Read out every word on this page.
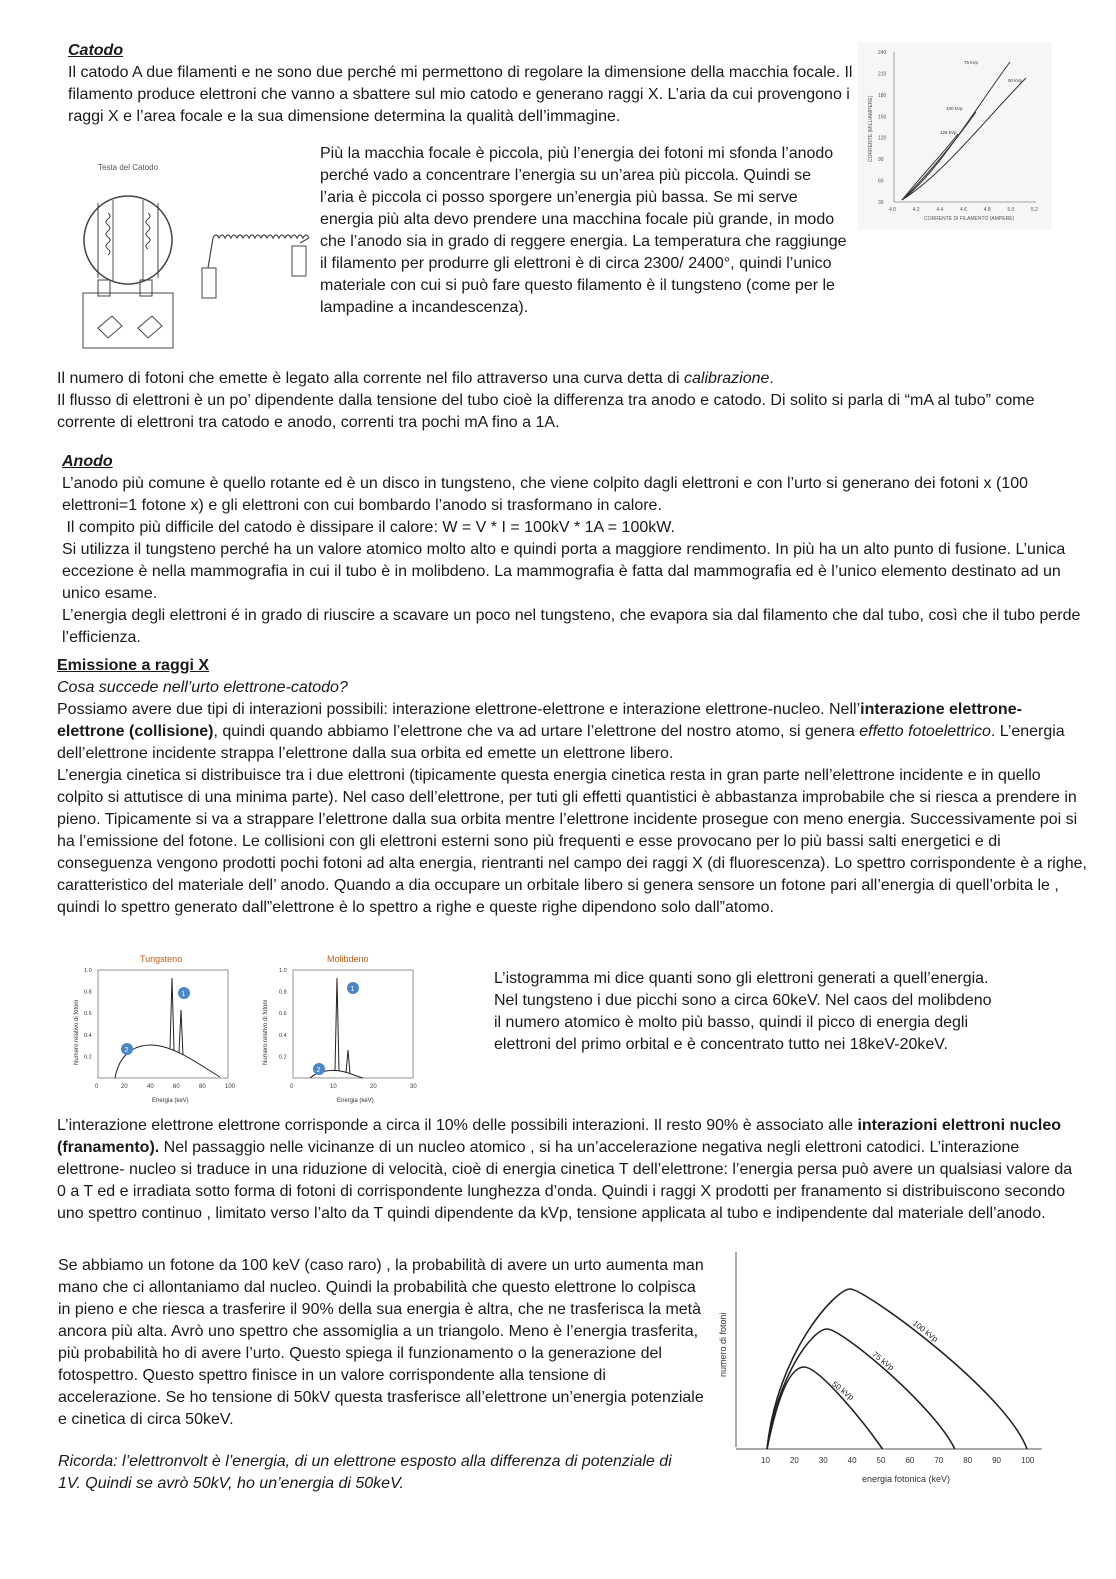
Catodo
Il catodo A due filamenti e ne sono due perché mi permettono di regolare la dimensione della macchia focale. Il filamento produce elettroni che vanno a sbattere sul mio catodo e generano raggi X. L’aria da cui provengono i raggi X e l’area focale e la sua dimensione determina la qualità dell’immagine.
Testa del Catodo
Più la macchia focale è piccola, più l’energia dei fotoni mi sfonda l’anodo perché vado a concentrare l’energia su un’area più piccola. Quindi se l’aria è piccola ci posso sporgere un’energia più bassa. Se mi serve energia più alta devo prendere una macchina focale più grande, in modo che l’anodo sia in grado di reggere energia. La temperatura che raggiunge il filamento per produrre gli elettroni è di circa 2300/ 2400°, quindi l’unico materiale con cui si può fare questo filamento è il tungsteno (come per le lampadine a incandescenza).
4.0	4.2	4.4	4.6	4.8	5.0	5.2
30
60
90
120
150
180
210
240
75 kVp
50 kVp
100 kVp
125 kVp
CORRENTE (MILLIAMPERE)
CORRENTE DI FILAMENTO (AMPERE)

Il numero di fotoni che emette è legato alla corrente nel filo attraverso una curva detta di calibrazione.

Il flusso di elettroni è un po’ dipendente dalla tensione del tubo cioè la differenza tra anodo e catodo. Di solito si parla di “mA al tubo” come corrente di elettroni tra catodo e anodo, correnti tra pochi mA fino a 1A.

Anodo
L’anodo più comune è quello rotante ed è un disco in tungsteno, che viene colpito dagli elettroni e con l’urto si generano dei fotoni x (100 elettroni=1 fotone x) e gli elettroni con cui bombardo l’anodo si trasformano in calore.
Il compito più difficile del catodo è dissipare il calore: W = V * I = 100kV * 1A = 100kW.
Si utilizza il tungsteno perché ha un valore atomico molto alto e quindi porta a maggiore rendimento. In più ha un alto punto di fusione. L’unica eccezione è nella mammografia in cui il tubo è in molibdeno. La mammografia è fatta dal mammografia ed è l’unico elemento destinato ad un unico esame.
L’energia degli elettroni é in grado di riuscire a scavare un poco nel tungsteno, che evapora sia dal filamento che dal tubo, così che il tubo perde l’efficienza.
Emissione a raggi X
Cosa succede nell’urto elettrone-catodo?
Possiamo avere due tipi di interazioni possibili: interazione elettrone-elettrone e interazione elettrone-nucleo. Nell’interazione elettrone-elettrone (collisione), quindi quando abbiamo l’elettrone che va ad urtare l’elettrone del nostro atomo, si genera effetto fotoelettrico. L’energia dell’elettrone incidente strappa l’elettrone dalla sua orbita ed emette un elettrone libero.
L’energia cinetica si distribuisce tra i due elettroni (tipicamente questa energia cinetica resta in gran parte nell’elettrone incidente e in quello colpito si attutisce di una minima parte). Nel caso dell’elettrone, per tuti gli effetti quantistici è abbastanza improbabile che si riesca a prendere in pieno. Tipicamente si va a strappare l’elettrone dalla sua orbita mentre l’elettrone incidente prosegue con meno energia. Successivamente poi si ha l’emissione del fotone. Le collisioni con gli elettroni esterni sono più frequenti e esse provocano per lo più bassi salti energetici e di conseguenza vengono prodotti pochi fotoni ad alta energia, rientranti nel campo dei raggi X (di fluorescenza). Lo spettro corrispondente è a righe, caratteristico del materiale dell’ anodo. Quando a dia occupare un orbitale libero si genera sensore un fotone pari all’energia di quell’orbita le , quindi lo spettro generato dall”elettrone è lo spettro a righe e queste righe dipendono solo dall”atomo.
Tungsteno
0	20	40	60	80	100
0.2
0.4
0.6
0.8
1.0
1
2
Numero relativo di fotoni
Energia (keV)
Molibdeno
0	10	20	30
0.2
0.4
0.6
0.8
1.0
1
2
Numero relativo di fotoni
Energia (keV)
L’istogramma mi dice quanti sono gli elettroni generati a quell’energia. Nel tungsteno i due picchi sono a circa 60keV. Nel caos del molibdeno il numero atomico è molto più basso, quindi il picco di energia degli elettroni del primo orbital e è concentrato tutto nei 18keV-20keV.
L’interazione elettrone elettrone corrisponde a circa il 10% delle possibili interazioni. Il resto 90% è associato alle interazioni elettroni nucleo (franamento). Nel passaggio nelle vicinanze di un nucleo atomico , si ha un’accelerazione negativa negli elettroni catodici. L’interazione elettrone- nucleo si traduce in una riduzione di velocità, cioè di energia cinetica T dell’elettrone: l’energia persa può avere un qualsiasi valore da 0 a T ed e irradiata sotto forma di fotoni di corrispondente lunghezza d’onda. Quindi i raggi X prodotti per franamento si distribuiscono secondo uno spettro continuo , limitato verso l’alto da T quindi dipendente da kVp, tensione applicata al tubo e indipendente dal materiale dell’anodo.
Se abbiamo un fotone da 100 keV (caso raro) , la probabilità di avere un urto aumenta man mano che ci allontaniamo dal nucleo. Quindi la probabilità che questo elettrone lo colpisca in pieno e che riesca a trasferire il 90% della sua energia è altra, che ne trasferisca la metà ancora più alta. Avrò uno spettro che assomiglia a un triangolo. Meno è l’energia trasferita, più probabilità ho di avere l’urto. Questo spiega il funzionamento o la generazione del fotospettro. Questo spettro finisce in un valore corrispondente alla tensione di accelerazione. Se ho tensione di 50kV questa trasferisce all’elettrone un’energia potenziale e cinetica di circa 50keV.
Ricorda: l’elettronvolt è l’energia, di un elettrone esposto alla differenza di potenziale di 1V. Quindi se avrò 50kV, ho un’energia di 50keV.
10 20 30 40 50 60 70 80 90 100
100 kVp
75 kVp
50 kVp
numero di fotoni
energia fotonica (keV)
